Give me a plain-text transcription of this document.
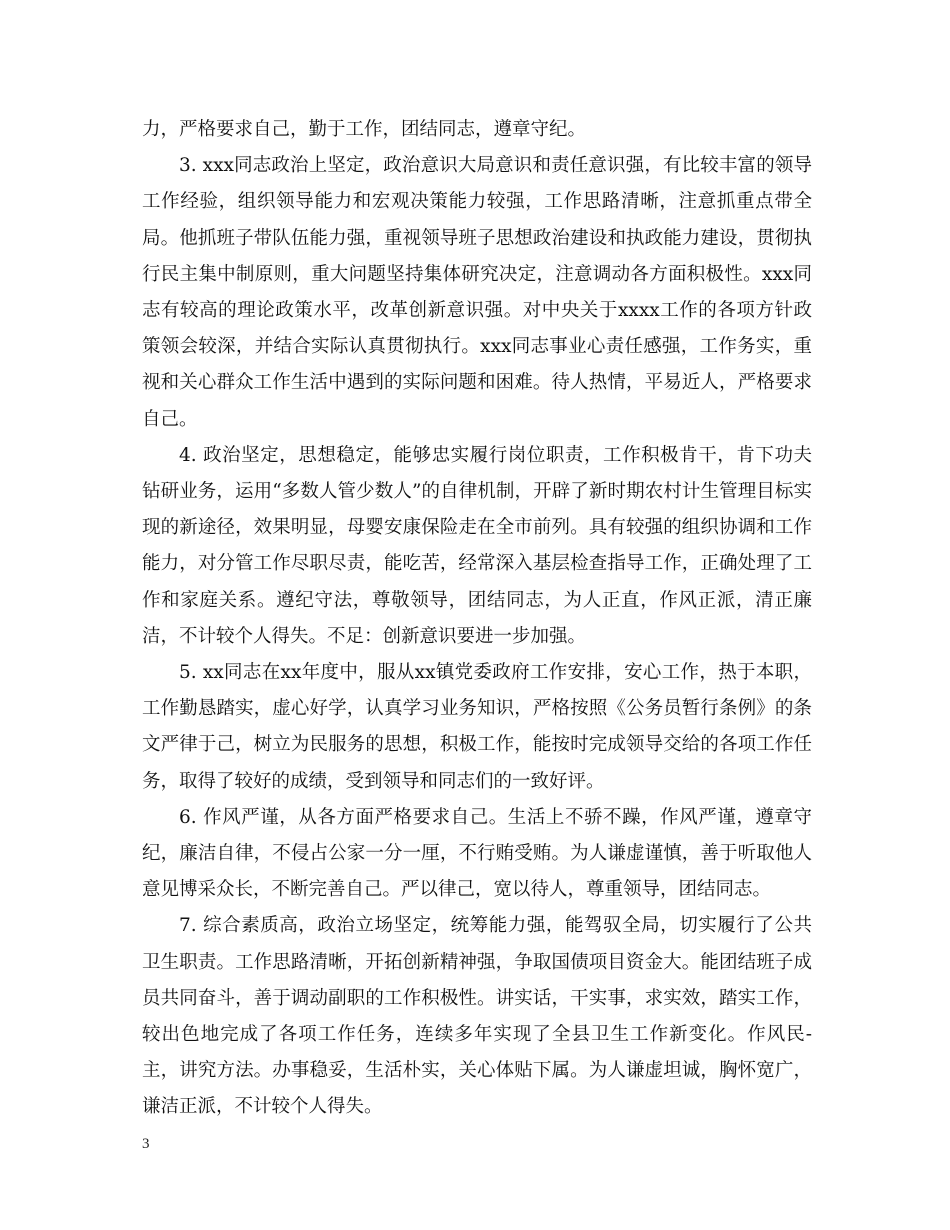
力，严格要求自己，勤于工作，团结同志，遵章守纪。

3. xxx同志政治上坚定，政治意识大局意识和责任意识强，有比较丰富的领导工作经验，组织领导能力和宏观决策能力较强，工作思路清晰，注意抓重点带全局。他抓班子带队伍能力强，重视领导班子思想政治建设和执政能力建设，贯彻执行民主集中制原则，重大问题坚持集体研究决定，注意调动各方面积极性。xxx同志有较高的理论政策水平，改革创新意识强。对中央关于xxxx工作的各项方针政策领会较深，并结合实际认真贯彻执行。xxx同志事业心责任感强，工作务实，重视和关心群众工作生活中遇到的实际问题和困难。待人热情，平易近人，严格要求自己。

4. 政治坚定，思想稳定，能够忠实履行岗位职责，工作积极肯干，肯下功夫钻研业务，运用“多数人管少数人”的自律机制，开辟了新时期农村计生管理目标实现的新途径，效果明显，母婴安康保险走在全市前列。具有较强的组织协调和工作能力，对分管工作尽职尽责，能吃苦，经常深入基层检查指导工作，正确处理了工作和家庭关系。遵纪守法，尊敬领导，团结同志，为人正直，作风正派，清正廉洁，不计较个人得失。不足：创新意识要进一步加强。

5. xx同志在xx年度中，服从xx镇党委政府工作安排，安心工作，热于本职，工作勤恳踏实，虚心好学，认真学习业务知识，严格按照《公务员暂行条例》的条文严律于己，树立为民服务的思想，积极工作，能按时完成领导交给的各项工作任务，取得了较好的成绩，受到领导和同志们的一致好评。

6. 作风严谨，从各方面严格要求自己。生活上不骄不躁，作风严谨，遵章守纪，廉洁自律，不侵占公家一分一厘，不行贿受贿。为人谦虚谨慎，善于听取他人意见博采众长，不断完善自己。严以律己，宽以待人，尊重领导，团结同志。

7. 综合素质高，政治立场坚定，统筹能力强，能驾驭全局，切实履行了公共卫生职责。工作思路清晰，开拓创新精神强，争取国债项目资金大。能团结班子成员共同奋斗，善于调动副职的工作积极性。讲实话，干实事，求实效，踏实工作，较出色地完成了各项工作任务，连续多年实现了全县卫生工作新变化。作风民-主，讲究方法。办事稳妥，生活朴实，关心体贴下属。为人谦虚坦诚，胸怀宽广，谦洁正派，不计较个人得失。

3
